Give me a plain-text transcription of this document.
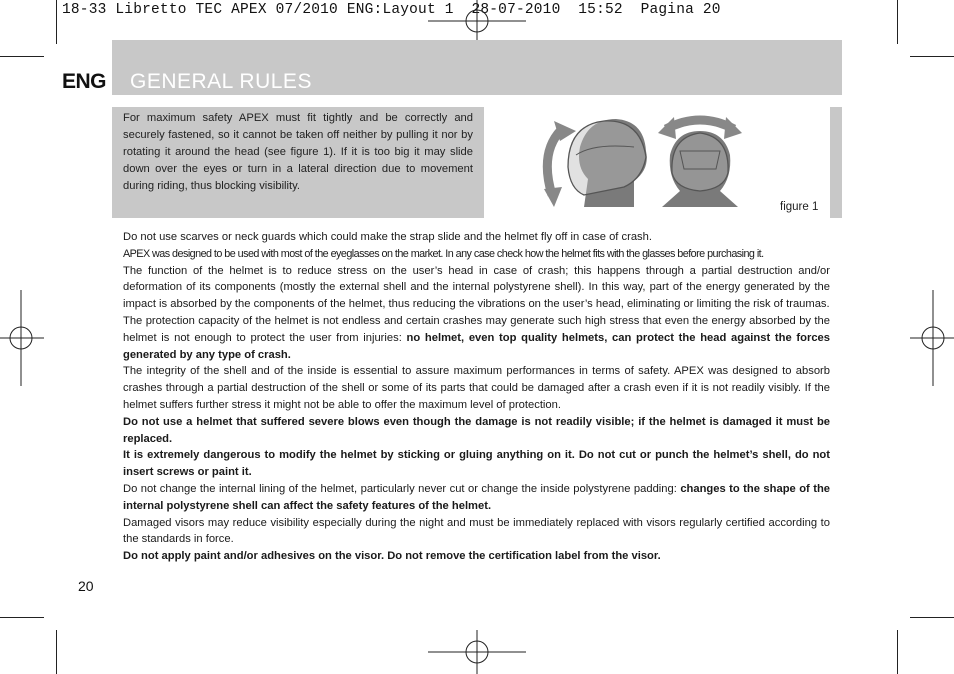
18-33 Libretto TEC APEX 07/2010 ENG:Layout 1  28-07-2010  15:52  Pagina 20
ENG GENERAL RULES
For maximum safety APEX must fit tightly and be correctly and securely fastened, so it cannot be taken off neither by pulling it nor by rotating it around the head (see figure 1). If it is too big it may slide down over the eyes or turn in a lateral direction due to movement during riding, thus blocking visibility.
figure 1

Do not use scarves or neck guards which could make the strap slide and the helmet fly off in case of crash.

APEX was designed to be used with most of the eyeglasses on the market. In any case check how the helmet fits with the glasses before purchasing it.

The function of the helmet is to reduce stress on the user’s head in case of crash; this happens through a partial destruction and/or deformation of its components (mostly the external shell and the internal polystyrene shell). In this way, part of the energy generated by the impact is absorbed by the components of the helmet, thus reducing the vibrations on the user’s head, eliminating or limiting the risk of traumas.

The protection capacity of the helmet is not endless and certain crashes may generate such high stress that even the energy absorbed by the helmet is not enough to protect the user from injuries: no helmet, even top quality helmets, can protect the head against the forces generated by any type of crash.

The integrity of the shell and of the inside is essential to assure maximum performances in terms of safety. APEX was designed to absorb crashes through a partial destruction of the shell or some of its parts that could be damaged after a crash even if it is not readily visibly. If the helmet suffers further stress it might not be able to offer the maximum level of protection.

Do not use a helmet that suffered severe blows even though the damage is not readily visible; if the helmet is damaged it must be replaced.

It is extremely dangerous to modify the helmet by sticking or gluing anything on it. Do not cut or punch the helmet’s shell, do not insert screws or paint it.

Do not change the internal lining of the helmet, particularly never cut or change the inside polystyrene padding: changes to the shape of the internal polystyrene shell can affect the safety features of the helmet.

Damaged visors may reduce visibility especially during the night and must be immediately replaced with visors regularly certified according to the standards in force.

Do not apply paint and/or adhesives on the visor. Do not remove the certification label from the visor.

20
